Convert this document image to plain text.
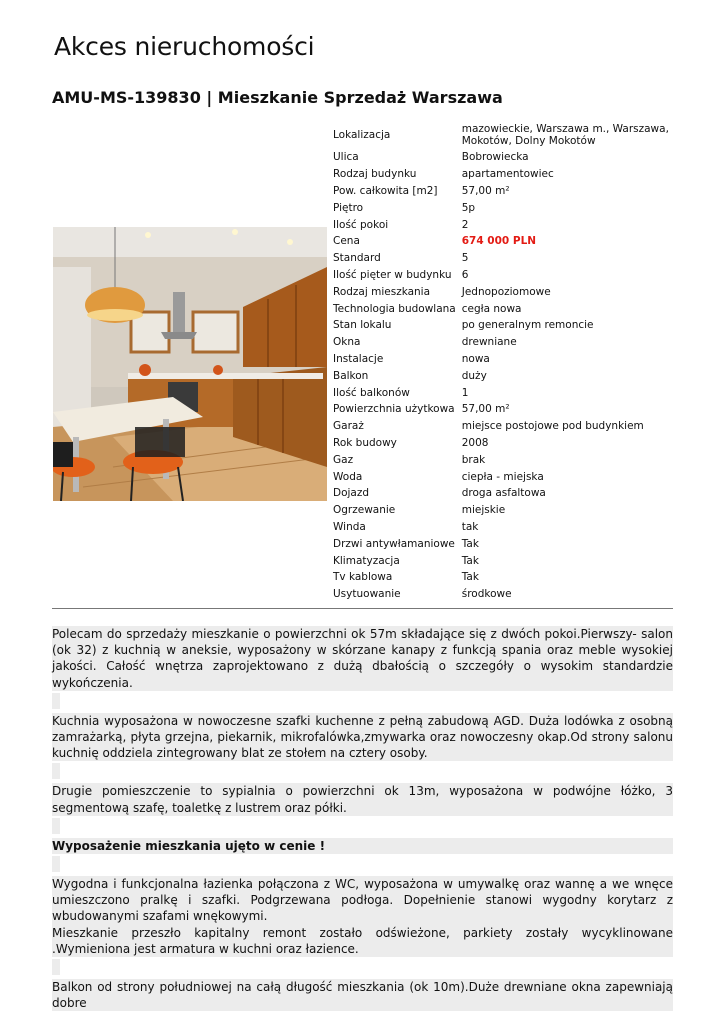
Akces nieruchomości
AMU-MS-139830 | Mieszkanie Sprzedaż Warszawa
Lokalizacja	mazowieckie, Warszawa m., Warszawa, Mokotów, Dolny Mokotów
Ulica	Bobrowiecka
Rodzaj budynku	apartamentowiec
Pow. całkowita [m2]	57,00 m²
Piętro	5p
Ilość pokoi	2
Cena	674 000 PLN
Standard	5
Ilość pięter w budynku	6
Rodzaj mieszkania	Jednopoziomowe
Technologia budowlana	cegła nowa
Stan lokalu	po generalnym remoncie
Okna	drewniane
Instalacje	nowa
Balkon	duży
Ilość balkonów	1
Powierzchnia użytkowa	57,00 m²
Garaż	miejsce postojowe pod budynkiem
Rok budowy	2008
Gaz	brak
Woda	ciepła - miejska
Dojazd	droga asfaltowa
Ogrzewanie	miejskie
Winda	tak
Drzwi antywłamaniowe	Tak
Klimatyzacja	Tak
Tv kablowa	Tak
Usytuowanie	środkowe

Polecam do sprzedaży mieszkanie o powierzchni ok 57m składające się z dwóch pokoi.Pierwszy- salon (ok 32) z kuchnią w aneksie, wyposażony w skórzane kanapy z funkcją spania oraz meble wysokiej jakości. Całość wnętrza zaprojektowano z dużą dbałością o szczegóły o wysokim standardzie wykończenia.

Kuchnia wyposażona w nowoczesne szafki kuchenne z pełną zabudową AGD. Duża lodówka z osobną zamrażarką, płyta grzejna, piekarnik, mikrofalówka,zmywarka oraz nowoczesny okap.Od strony salonu kuchnię oddziela zintegrowany blat ze stołem na cztery osoby.

Drugie pomieszczenie to sypialnia o powierzchni ok 13m, wyposażona w podwójne łóżko, 3 segmentową szafę, toaletkę z lustrem oraz półki.

Wyposażenie mieszkania ujęto w cenie !

Wygodna i funkcjonalna łazienka połączona z WC, wyposażona w umywalkę oraz wannę a we wnęce umieszczono pralkę i szafki. Podgrzewana podłoga. Dopełnienie stanowi wygodny korytarz z wbudowanymi szafami wnękowymi.

Mieszkanie przeszło kapitalny remont zostało odświeżone, parkiety zostały wycyklinowane .Wymieniona jest armatura w kuchni oraz łazience.

Balkon od strony południowej na całą długość mieszkania (ok 10m).Duże drewniane okna zapewniają dobre
